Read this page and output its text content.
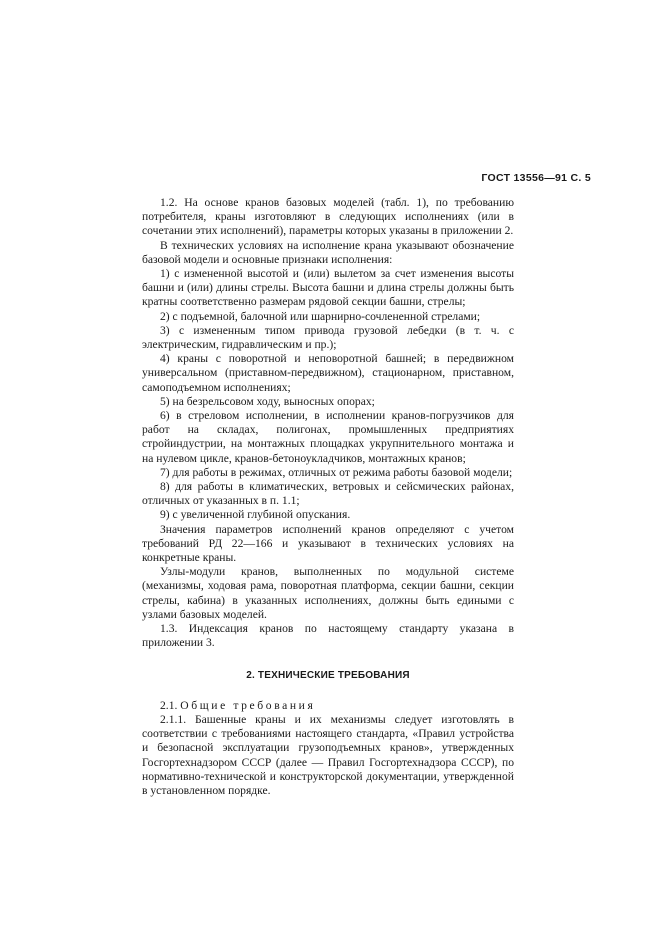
ГОСТ 13556—91 С. 5

1.2. На основе кранов базовых моделей (табл. 1), по требованию потребителя, краны изготовляют в следующих исполнениях (или в сочетании этих исполнений), параметры которых указаны в приложении 2.

В технических условиях на исполнение крана указывают обозначение базовой модели и основные признаки исполнения:

1) с измененной высотой и (или) вылетом за счет изменения высоты башни и (или) длины стрелы. Высота башни и длина стрелы должны быть кратны соответственно размерам рядовой секции башни, стрелы;

2) с подъемной, балочной или шарнирно-сочлененной стрелами;

3) с измененным типом привода грузовой лебедки (в т. ч. с электрическим, гидравлическим и пр.);

4) краны с поворотной и неповоротной башней; в передвижном универсальном (приставном-передвижном), стационарном, приставном, самоподъемном исполнениях;

5) на безрельсовом ходу, выносных опорах;

6) в стреловом исполнении, в исполнении кранов-погрузчиков для работ на складах, полигонах, промышленных предприятиях стройиндустрии, на монтажных площадках укрупнительного монтажа и на нулевом цикле, кранов-бетоноукладчиков, монтажных кранов;

7) для работы в режимах, отличных от режима работы базовой модели;

8) для работы в климатических, ветровых и сейсмических районах, отличных от указанных в п. 1.1;

9) с увеличенной глубиной опускания.

Значения параметров исполнений кранов определяют с учетом требований РД 22—166 и указывают в технических условиях на конкретные краны.

Узлы-модули кранов, выполненных по модульной системе (механизмы, ходовая рама, поворотная платформа, секции башни, секции стрелы, кабина) в указанных исполнениях, должны быть едиными с узлами базовых моделей.

1.3. Индексация кранов по настоящему стандарту указана в приложении 3.

2. ТЕХНИЧЕСКИЕ ТРЕБОВАНИЯ

2.1. Общие требования

2.1.1. Башенные краны и их механизмы следует изготовлять в соответствии с требованиями настоящего стандарта, «Правил устройства и безопасной эксплуатации грузоподъемных кранов», утвержденных Госгортехнадзором СССР (далее — Правил Госгортехнадзора СССР), по нормативно-технической и конструкторской документации, утвержденной в установленном порядке.
